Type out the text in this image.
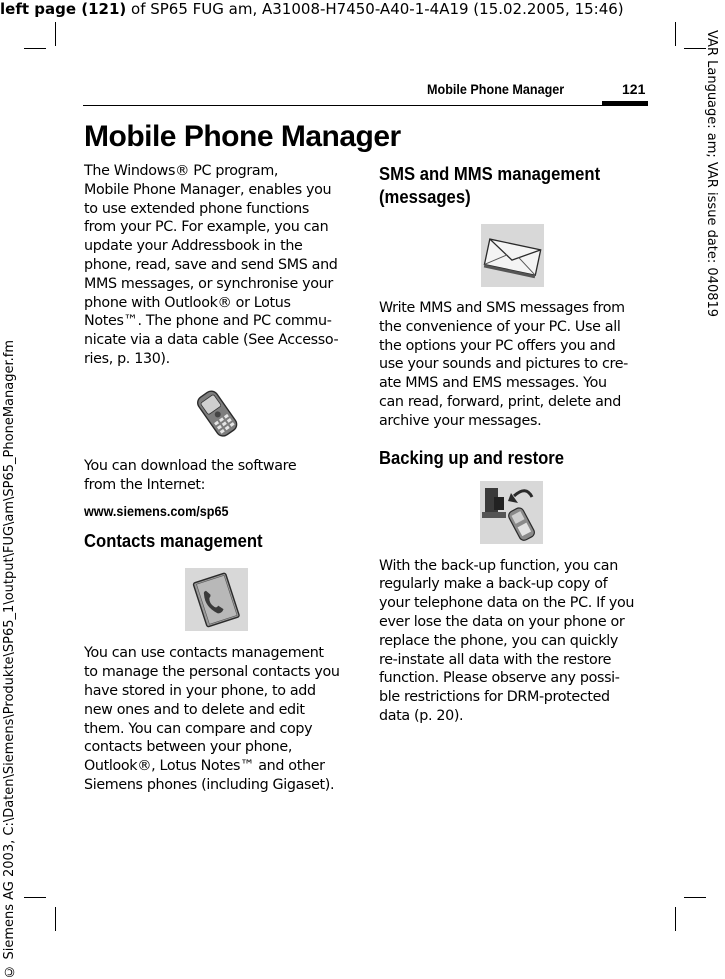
left page (121) of SP65 FUG am, A31008-H7450-A40-1-4A19 (15.02.2005, 15:46)
VAR Language: am; VAR issue date: 040819
© Siemens AG 2003, C:\Daten\Siemens\Produkte\SP65_1\output\FUG\am\SP65_PhoneManager.fm
Mobile Phone Manager	121
Mobile Phone Manager

The Windows® PC program,
Mobile Phone Manager, enables you
to use extended phone functions
from your PC. For example, you can
update your Addressbook in the
phone, read, save and send SMS and
MMS messages, or synchronise your
phone with Outlook® or Lotus
Notes™. The phone and PC commu-
nicate via a data cable (See Accesso-
ries, p. 130).

You can download the software
from the Internet:

www.siemens.com/sp65

Contacts management

You can use contacts management
to manage the personal contacts you
have stored in your phone, to add
new ones and to delete and edit
them. You can compare and copy
contacts between your phone,
Outlook®, Lotus Notes™ and other
Siemens phones (including Gigaset).

SMS and MMS management
(messages)

Write MMS and SMS messages from
the convenience of your PC. Use all
the options your PC offers you and
use your sounds and pictures to cre-
ate MMS and EMS messages. You
can read, forward, print, delete and
archive your messages.

Backing up and restore

With the back-up function, you can
regularly make a back-up copy of
your telephone data on the PC. If you
ever lose the data on your phone or
replace the phone, you can quickly
re-instate all data with the restore
function. Please observe any possi-
ble restrictions for DRM-protected
data (p. 20).
